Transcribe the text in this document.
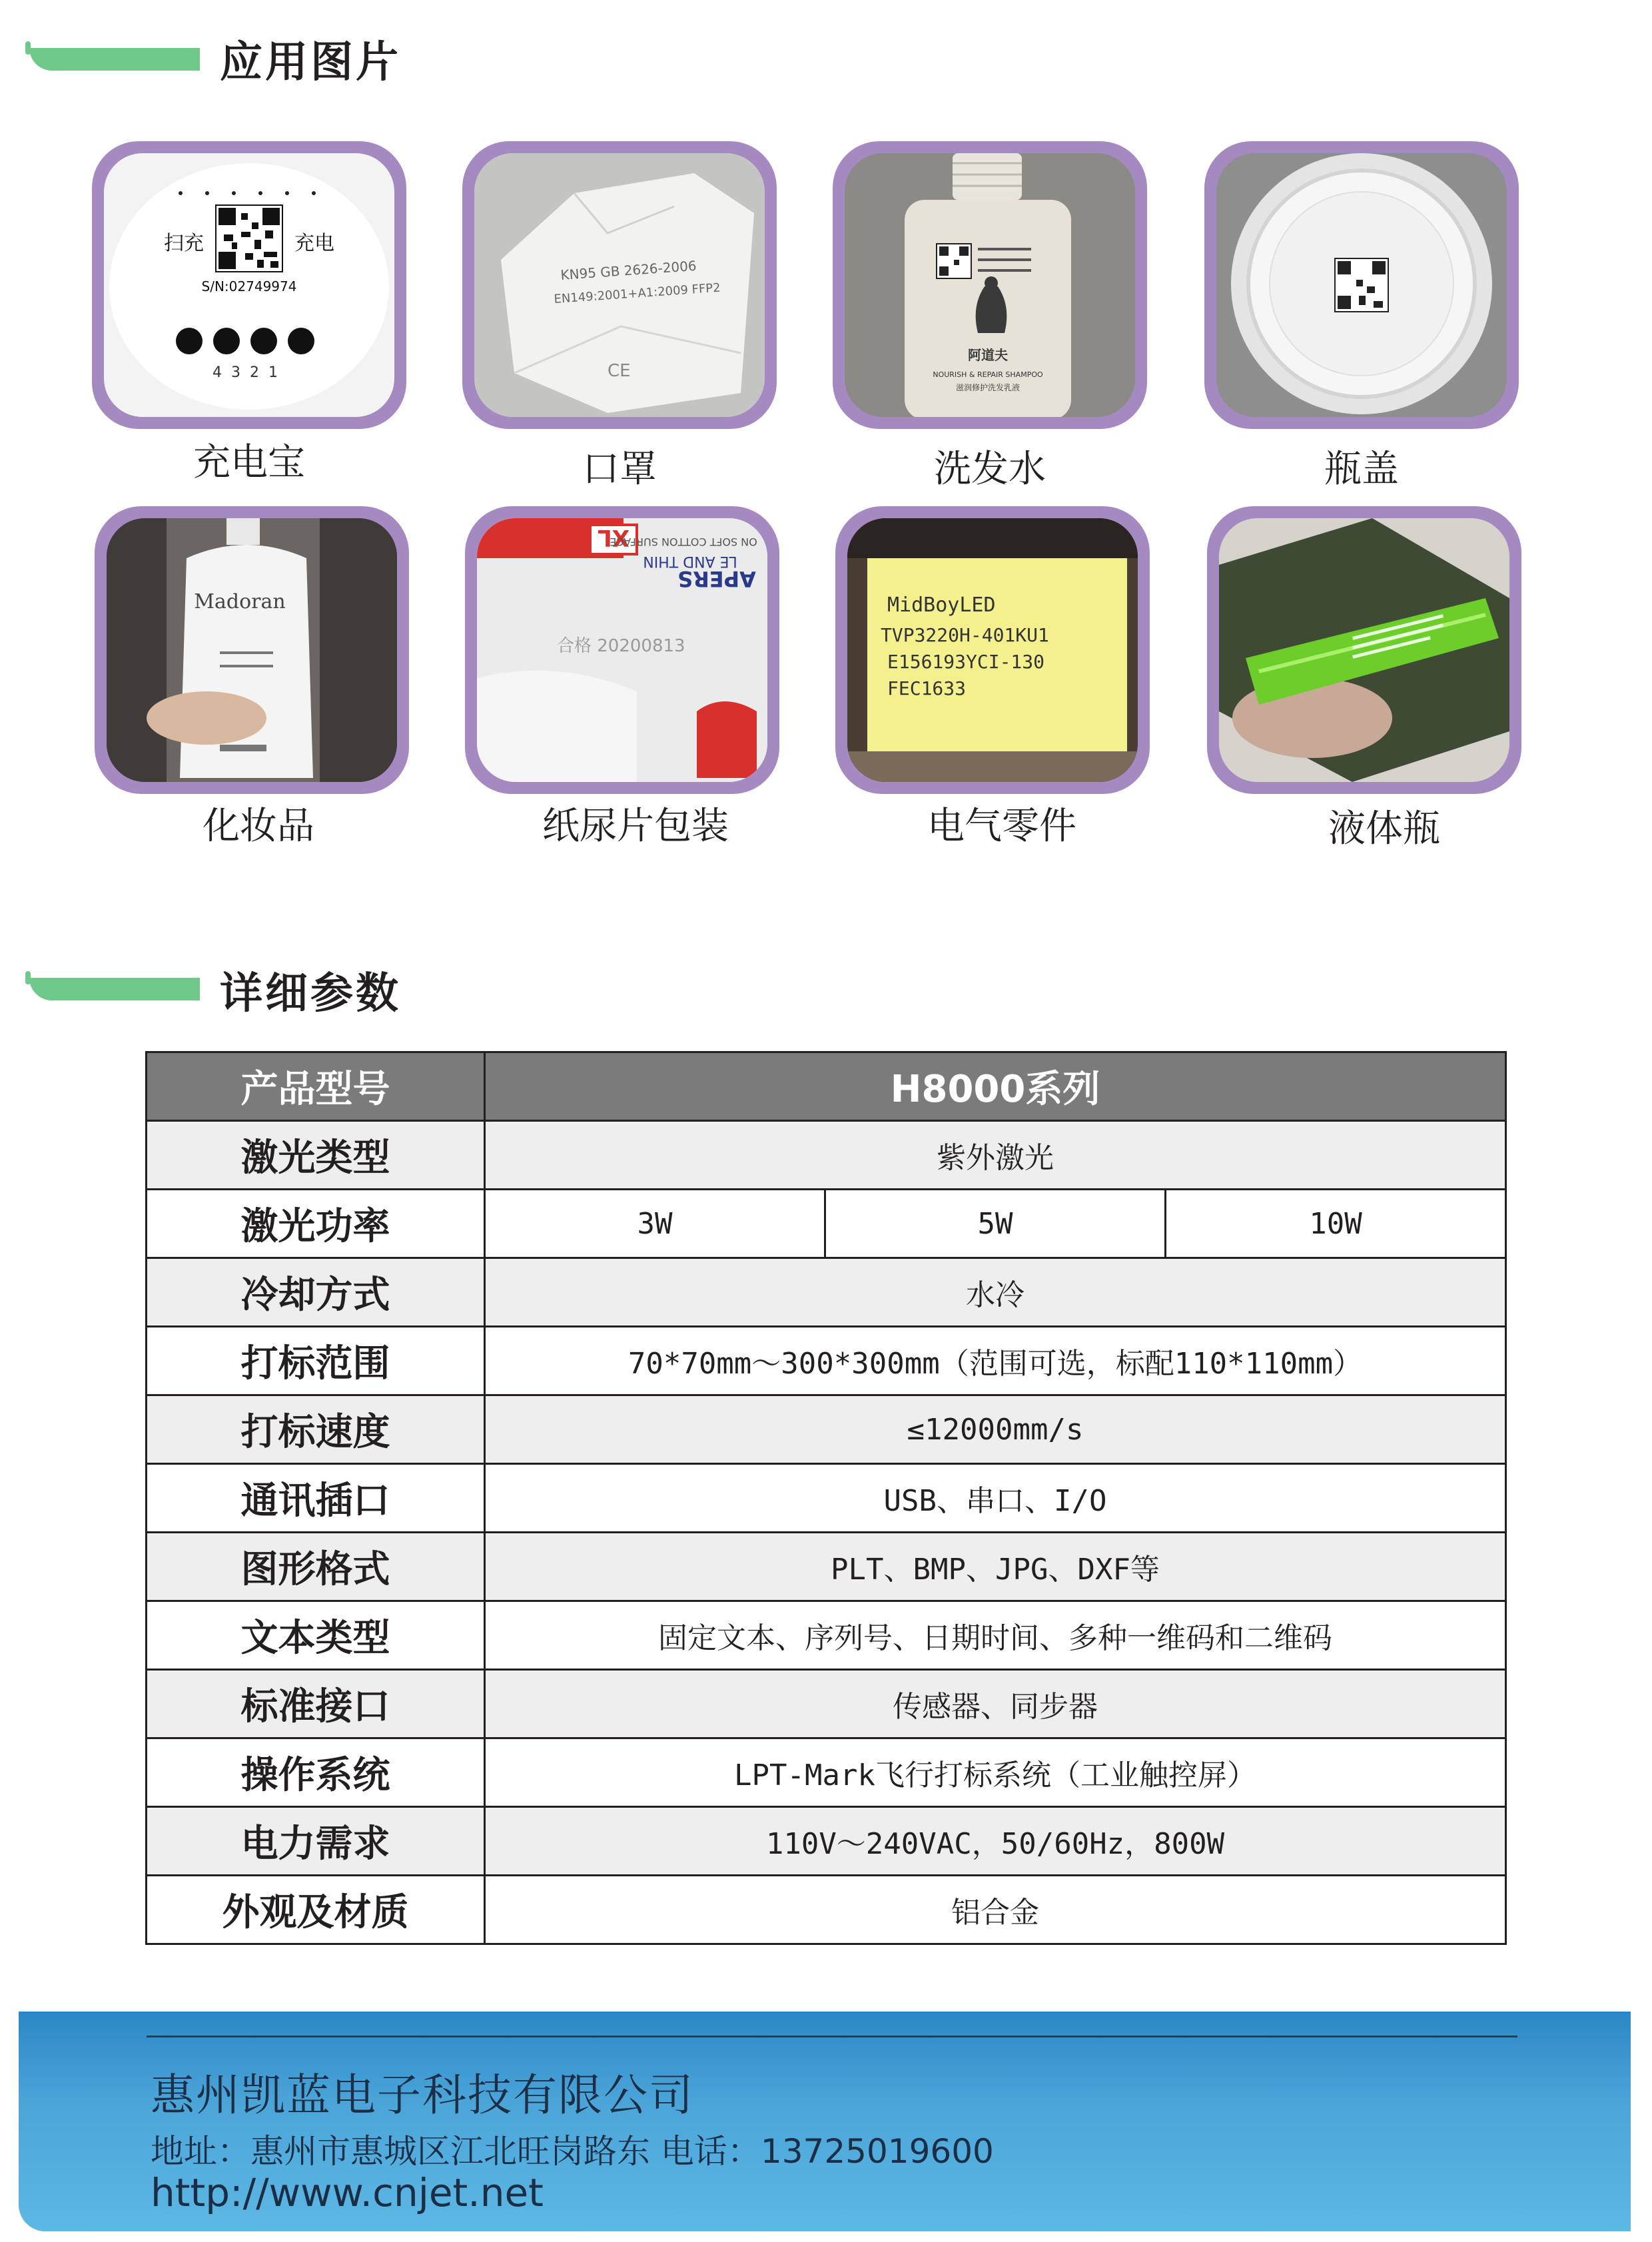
应用图片
扫充	充电
S/N:02749974
4  3  2  1
KN95 GB 2626-2006
EN149:2001+A1:2009 FFP2
CE
阿道夫
NOURISH & REPAIR SHAMPOO
滋润修护洗发乳液
充电宝	口罩	洗发水	瓶盖
Madoran
XL
ON SOFT COTTON SURFACE
LE AND THIN
APERS
合格 20200813
MidBoyLED
TVP3220H-401KU1
E156193YCI-130
FEC1633
化妆品	纸尿片包装	电气零件	液体瓶
详细参数
产品型号	H8000系列		
激光类型	紫外激光		
激光功率	3W	5W	10W
冷却方式	水冷		
打标范围	70*70mm～300*300mm（范围可选，标配110*110mm）		
打标速度	≤12000mm/s		
通讯插口	USB、串口、I/O		
图形格式	PLT、BMP、JPG、DXF等		
文本类型	固定文本、序列号、日期时间、多种一维码和二维码		
标准接口	传感器、同步器		
操作系统	LPT-Mark飞行打标系统（工业触控屏）		
电力需求	110V～240VAC，50/60Hz，800W		
外观及材质	铝合金		
惠州凯蓝电子科技有限公司
地址：惠州市惠城区江北旺岗路东 电话：13725019600
http://www.cnjet.net
